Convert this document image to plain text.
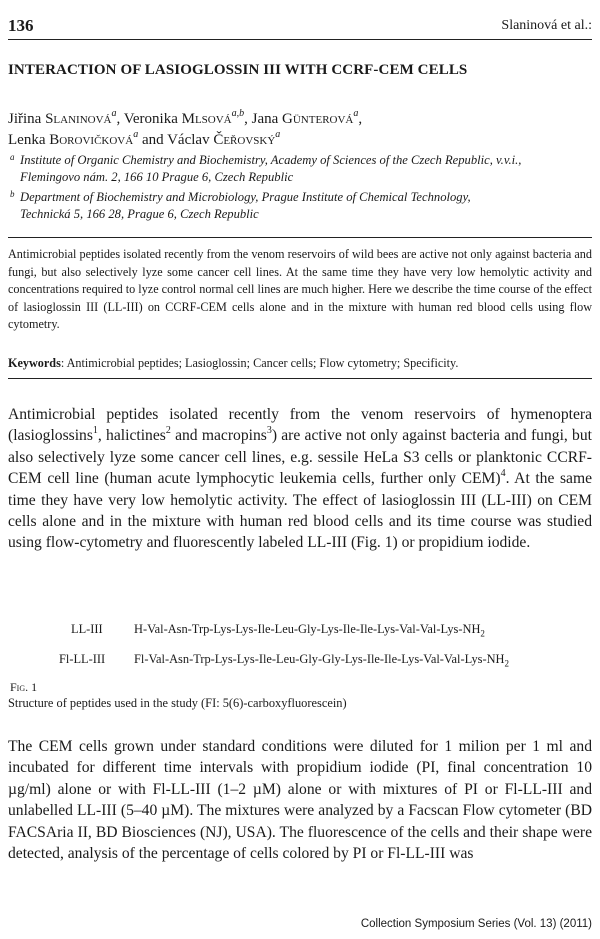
136	Slaninová et al.:
INTERACTION OF LASIOGLOSSIN III WITH CCRF-CEM CELLS
Jiřina Slaninová$^a$, Veronika Mlsová$^{a,b}$, Jana Günterová$^a$,
Lenka Borovičková$^a$ and Václav Čeřovský$^a$
a Institute of Organic Chemistry and Biochemistry, Academy of Sciences of the Czech Republic, v.v.i.,
Flemingovo nám. 2, 166 10 Prague 6, Czech Republic
b Department of Biochemistry and Microbiology, Prague Institute of Chemical Technology,
Technická 5, 166 28, Prague 6, Czech Republic
Antimicrobial peptides isolated recently from the venom reservoirs of wild bees are active not only against bacteria and fungi, but also selectively lyze some cancer cell lines. At the same time they have very low hemolytic activity and concentrations required to lyze control normal cell lines are much higher. Here we describe the time course of the effect of lasioglossin III (LL-III) on CCRF-CEM cells alone and in the mixture with human red blood cells using flow cytometry.
Keywords: Antimicrobial peptides; Lasioglossin; Cancer cells; Flow cytometry; Specificity.
Antimicrobial peptides isolated recently from the venom reservoirs of hymenoptera (lasioglossins$^1$, halictines$^2$ and macropins$^3$) are active not only against bacteria and fungi, but also selectively lyze some cancer cell lines, e.g. sessile HeLa S3 cells or planktonic CCRF-CEM cell line (human acute lymphocytic leukemia cells, further only CEM)$^4$. At the same time they have very low hemolytic activity. The effect of lasioglossin III (LL-III) on CEM cells alone and in the mixture with human red blood cells and its time course was studied using flow-cytometry and fluorescently labeled LL-III (Fig. 1) or propidium iodide.
LL-III	$H-Val-Asn-Trp-Lys-Lys-Ile-Leu-Gly-Lys-Ile-Ile-Lys-Val-Val-Lys-NH_2$
Fl-LL-III $Fl-Val-Asn-Trp-Lys-Lys-Ile-Leu-Gly-Gly-Lys-Ile-Ile-Lys-Val-Val-Lys-NH_2$
Fig. 1
Structure of peptides used in the study (FI: 5(6)-carboxyfluorescein)
The CEM cells grown under standard conditions were diluted for 1 milion per 1 ml and incubated for different time intervals with propidium iodide (PI, final concentration 10 µg/ml) alone or with Fl-LL-III (1–2 µM) alone or with mixtures of PI or Fl-LL-III and unlabelled LL-III (5–40 µM). The mixtures were analyzed by a Facscan Flow cytometer (BD FACSAria II, BD Biosciences (NJ), USA). The fluorescence of the cells and their shape were detected, analysis of the percentage of cells colored by PI or Fl-LL-III was
Collection Symposium Series (Vol. 13) (2011)
